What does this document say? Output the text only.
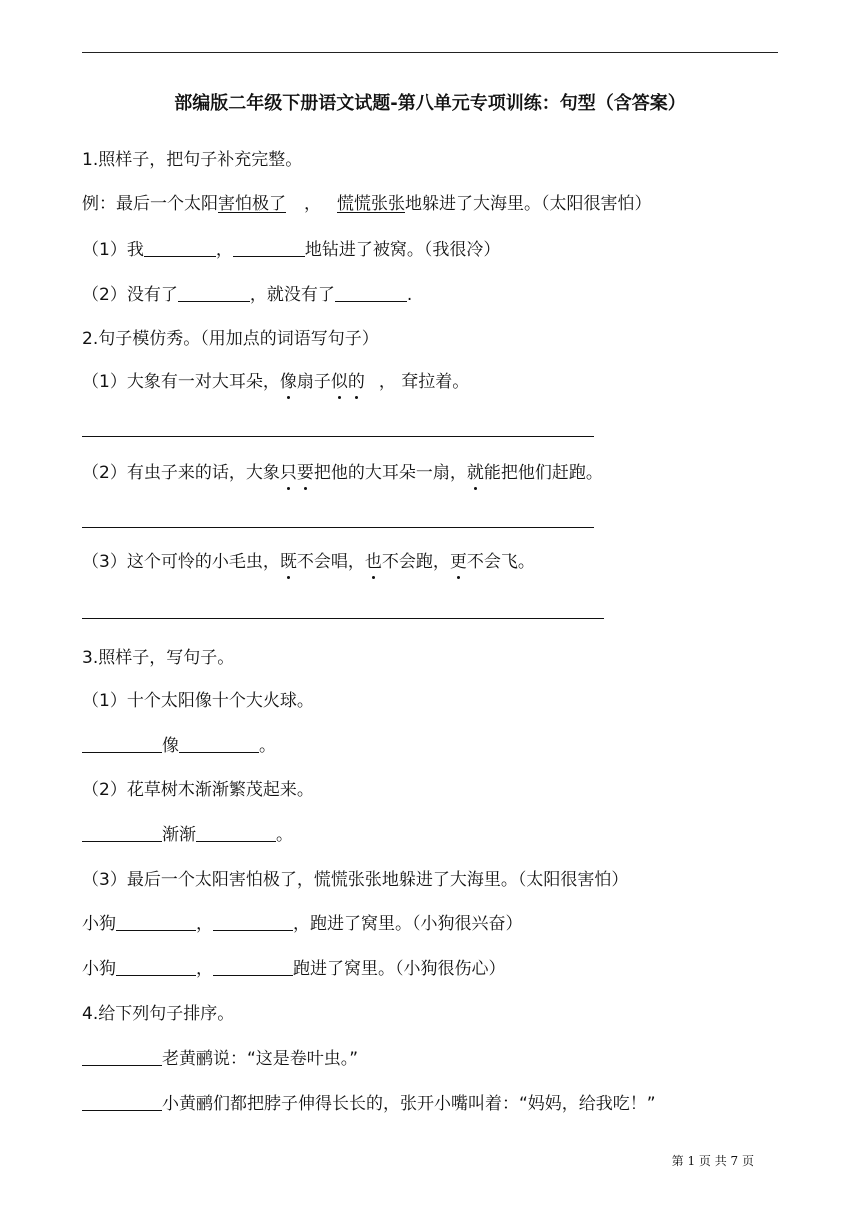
部编版二年级下册语文试题-第八单元专项训练：句型（含答案）
1.照样子，把句子补充完整。
例：最后一个太阳害怕极了 ， 慌慌张张地躲进了大海里。（太阳很害怕）
（1）我	，	地钻进了被窝。（我很冷）
（2）没有了	，就没有了	.
2.句子模仿秀。（用加点的词语写句子）
（1）大象有一对大耳朵，像扇子似的 ， 耷拉着。
（2）有虫子来的话，大象只要把他的大耳朵一扇，就能把他们赶跑。
（3）这个可怜的小毛虫，既不会唱，也不会跑，更不会飞。
3.照样子，写句子。
（1）十个太阳像十个大火球。
像	。
（2）花草树木渐渐繁茂起来。
渐渐	。
（3）最后一个太阳害怕极了，慌慌张张地躲进了大海里。（太阳很害怕）
小狗	，	，跑进了窝里。（小狗很兴奋）
小狗	，	跑进了窝里。（小狗很伤心）
4.给下列句子排序。
老黄鹂说：“这是卷叶虫。”
小黄鹂们都把脖子伸得长长的，张开小嘴叫着：“妈妈，给我吃！”
第 1 页 共 7 页
